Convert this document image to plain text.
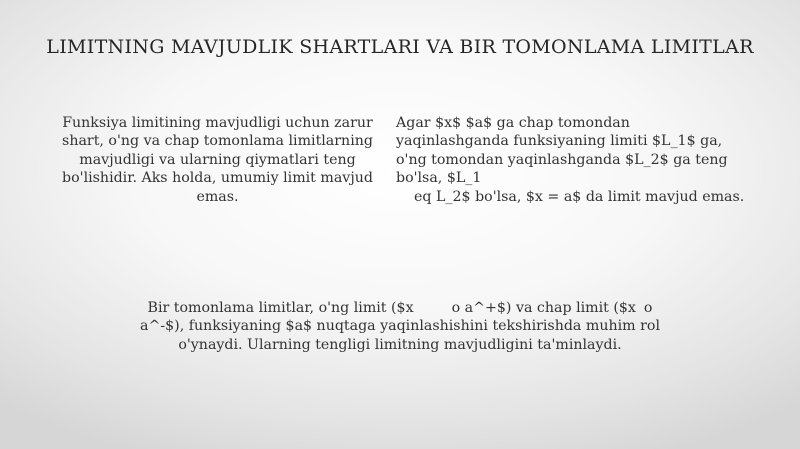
LIMITNING MAVJUDLIK SHARTLARI VA BIR TOMONLAMA LIMITLAR
Funksiya limitining mavjudligi uchun zarur shart, o'ng va chap tomonlama limitlarning mavjudligi va ularning qiymatlari teng bo'lishidir. Aks holda, umumiy limit mavjud emas.
Agar $x$ $a$ ga chap tomondan yaqinlashganda funksiyaning limiti $L_1$ ga, o'ng tomondan yaqinlashganda $L_2$ ga teng bo'lsa, $L_1
eq L_2$ bo'lsa, $x = a$ da limit mavjud emas.
Bir tomonlama limitlar, o'ng limit ($x	o a^+$) va chap limit ($x o a^-$), funksiyaning $a$ nuqtaga yaqinlashishini tekshirishda muhim rol o'ynaydi. Ularning tengligi limitning mavjudligini ta'minlaydi.
